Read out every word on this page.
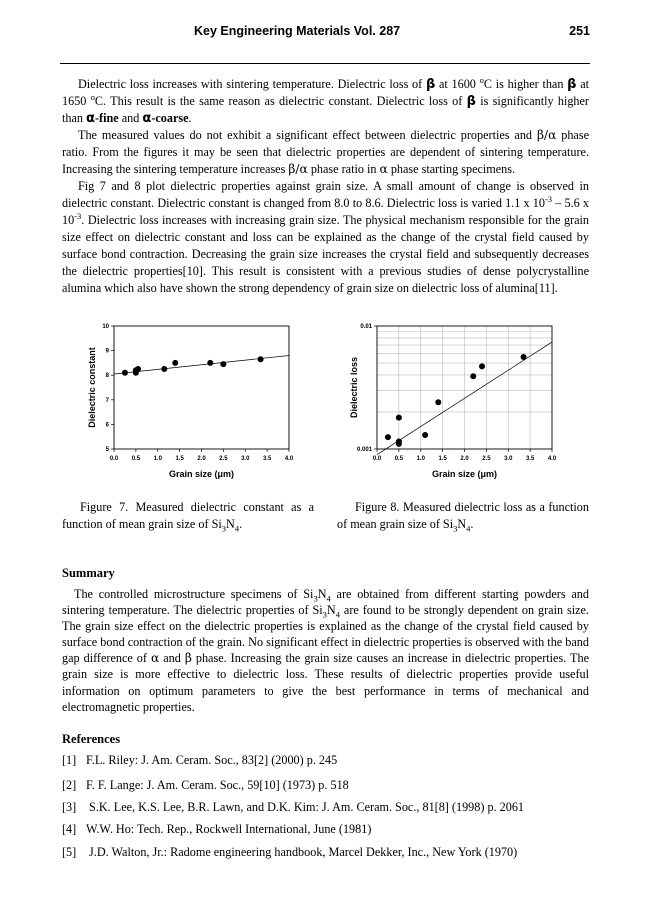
Key Engineering Materials Vol. 287	251

Dielectric loss increases with sintering temperature. Dielectric loss of β at 1600 $^o$C is higher than β at 1650 $^o$C. This result is the same reason as dielectric constant. Dielectric loss of β is significantly higher than α-fine and α-coarse.

The measured values do not exhibit a significant effect between dielectric properties and β/α phase ratio. From the figures it may be seen that dielectric properties are dependent of sintering temperature. Increasing the sintering temperature increases β/α phase ratio in α phase starting specimens.

Fig 7 and 8 plot dielectric properties against grain size. A small amount of change is observed in dielectric constant. Dielectric constant is changed from 8.0 to 8.6. Dielectric loss is varied 1.1 x $10^{-3} - 5.6$ x $10^{-3}$. Dielectric loss increases with increasing grain size. The physical mechanism responsible for the grain size effect on dielectric constant and loss can be explained as the change of the crystal field caused by surface bond contraction. Decreasing the grain size increases the crystal field and subsequently decreases the dielectric properties[10]. This result is consistent with a previous studies of dense polycrystalline alumina which also have shown the strong dependency of grain size on dielectric loss of alumina[11].

0.0 0.5 1.0 1.5 2.0 2.5 3.0 3.5 4.0
5
6
7
8
9
10
Grain size (μm)
Dielectric constant
0.0 0.5 1.0 1.5 2.0 2.5 3.0 3.5 4.0
0.001
0.01
Grain size (μm)
Dielectric loss
Figure 7. Measured dielectric constant as a function of mean grain size of $Si_3N_4$.
Figure 8. Measured dielectric loss as a function of mean grain size of $Si_3N_4$.
Summary
The controlled microstructure specimens of $Si_3N_4$ are obtained from different starting powders and sintering temperature. The dielectric properties of $Si_3N_4$ are found to be strongly dependent on grain size. The grain size effect on the dielectric properties is explained as the change of the crystal field caused by surface bond contraction of the grain. No significant effect in dielectric properties is observed with the band gap difference of α and β phase. Increasing the grain size causes an increase in dielectric properties. The grain size is more effective to dielectric loss. These results of dielectric properties provide useful information on optimum parameters to give the best performance in terms of mechanical and electromagnetic properties.
References
[1] F.L. Riley: J. Am. Ceram. Soc., 83[2] (2000) p. 245
[2] F. F. Lange: J. Am. Ceram. Soc., 59[10] (1973) p. 518
[3] S.K. Lee, K.S. Lee, B.R. Lawn, and D.K. Kim: J. Am. Ceram. Soc., 81[8] (1998) p. 2061
[4] W.W. Ho: Tech. Rep., Rockwell International, June (1981)
[5] J.D. Walton, Jr.: Radome engineering handbook, Marcel Dekker, Inc., New York (1970)
